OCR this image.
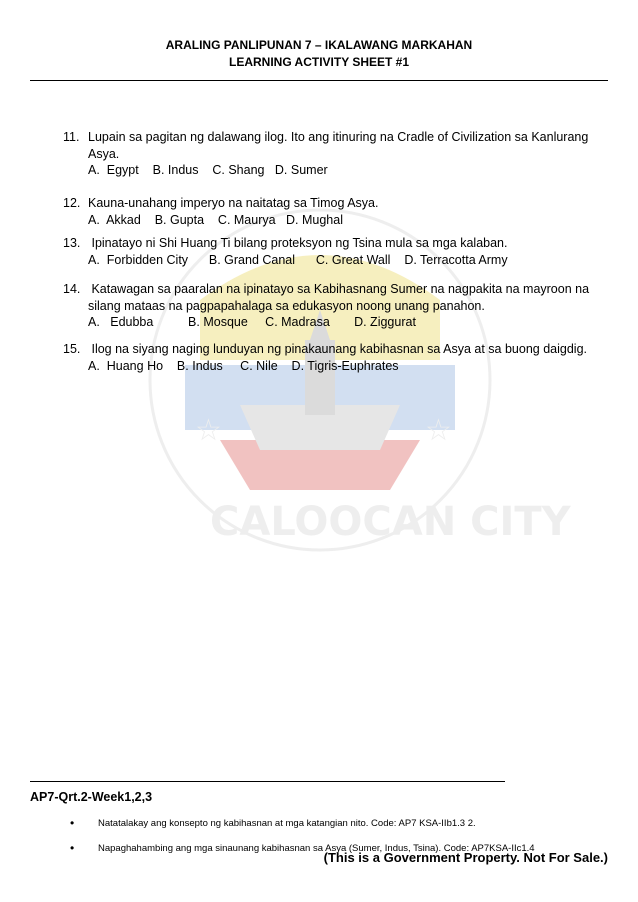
ARALING PANLIPUNAN 7 – IKALAWANG MARKAHAN
LEARNING ACTIVITY SHEET #1
☆	☆
CALOOCAN CITY
11. Lupain sa pagitan ng dalawang ilog. Ito ang itinuring na Cradle of Civilization sa Kanlurang
Asya.
A.  Egypt    B. Indus    C. Shang   D. Sumer
12. Kauna-unahang imperyo na naitatag sa Timog Asya.
A.  Akkad    B. Gupta    C. Maurya   D. Mughal
13. Ipinatayo ni Shi Huang Ti bilang proteksyon ng Tsina mula sa mga kalaban.
A.  Forbidden City      B. Grand Canal      C. Great Wall    D. Terracotta Army
14. Katawagan sa paaralan na ipinatayo sa Kabihasnang Sumer na nagpakita na mayroon na
silang mataas na pagpapahalaga sa edukasyon noong unang panahon.
A.   Edubba          B. Mosque     C. Madrasa       D. Ziggurat
15. Ilog na siyang naging lunduyan ng pinakaunang kabihasnan sa Asya at sa buong daigdig.
A.  Huang Ho    B. Indus     C. Nile    D. Tigris-Euphrates
AP7-Qrt.2-Week1,2,3
• Natatalakay ang konsepto ng kabihasnan at mga katangian nito. Code: AP7 KSA-IIb1.3 2.
• Napaghahambing ang mga sinaunang kabihasnan sa Asya (Sumer, Indus, Tsina). Code: AP7KSA-IIc1.4
(This is a Government Property. Not For Sale.)
